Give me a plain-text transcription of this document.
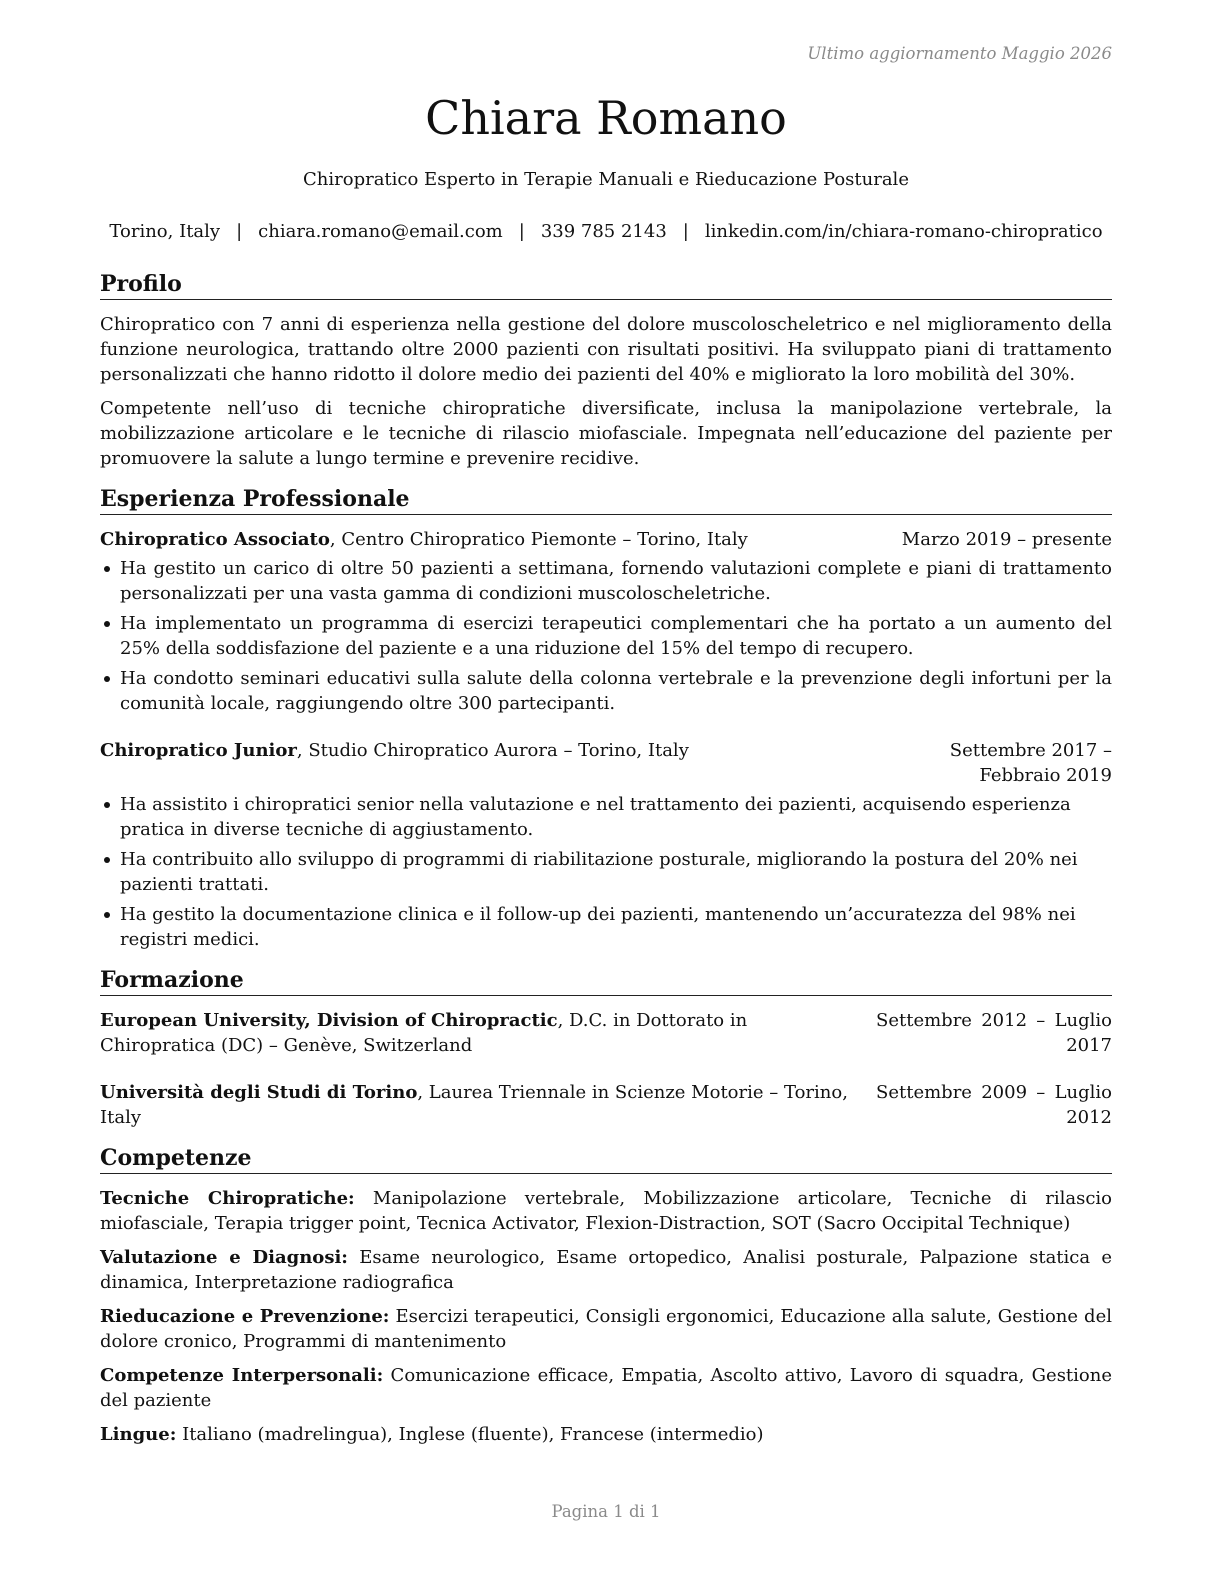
Ultimo aggiornamento Maggio 2026
Chiara Romano
Chiropratico Esperto in Terapie Manuali e Rieducazione Posturale
Torino, Italy | chiara.romano@email.com | 339 785 2143 | linkedin.com/in/chiara-romano-chiropratico
Profilo

Chiropratico con 7 anni di esperienza nella gestione del dolore muscoloscheletrico e nel miglioramento della funzione neurologica, trattando oltre 2000 pazienti con risultati positivi. Ha sviluppato piani di trattamento personalizzati che hanno ridotto il dolore medio dei pazienti del 40% e migliorato la loro mobilità del 30%.

Competente nell’uso di tecniche chiropratiche diversificate, inclusa la manipolazione vertebrale, la mobilizzazione articolare e le tecniche di rilascio miofasciale. Impegnata nell’educazione del paziente per promuovere la salute a lungo termine e prevenire recidive.

Esperienza Professionale
Chiropratico Associato, Centro Chiropratico Piemonte – Torino, Italy	Marzo 2019 – presente
Ha gestito un carico di oltre 50 pazienti a settimana, fornendo valutazioni complete e piani di trattamento personalizzati per una vasta gamma di condizioni muscoloscheletriche.
Ha implementato un programma di esercizi terapeutici complementari che ha portato a un aumento del 25% della soddisfazione del paziente e a una riduzione del 15% del tempo di recupero.
Ha condotto seminari educativi sulla salute della colonna vertebrale e la prevenzione degli infortuni per la comunità locale, raggiungendo oltre 300 partecipanti.
Chiropratico Junior, Studio Chiropratico Aurora – Torino, Italy	Settembre 2017 – Febbraio 2019
Ha assistito i chiropratici senior nella valutazione e nel trattamento dei pazienti, acquisendo esperienza pratica in diverse tecniche di aggiustamento.
Ha contribuito allo sviluppo di programmi di riabilitazione posturale, migliorando la postura del 20% nei pazienti trattati.
Ha gestito la documentazione clinica e il follow-up dei pazienti, mantenendo un’accuratezza del 98% nei registri medici.
Formazione
European University, Division of Chiropractic, D.C. in Dottorato in Chiropratica (DC) – Genève, Switzerland
Settembre 2012 – Luglio 2017
Università degli Studi di Torino, Laurea Triennale in Scienze Motorie – Torino, Italy
Settembre 2009 – Luglio 2012
Competenze
Tecniche Chiropratiche: Manipolazione vertebrale, Mobilizzazione articolare, Tecniche di rilascio miofasciale, Terapia trigger point, Tecnica Activator, Flexion-Distraction, SOT (Sacro Occipital Technique)
Valutazione e Diagnosi: Esame neurologico, Esame ortopedico, Analisi posturale, Palpazione statica e dinamica, Interpretazione radiografica
Rieducazione e Prevenzione: Esercizi terapeutici, Consigli ergonomici, Educazione alla salute, Gestione del dolore cronico, Programmi di mantenimento
Competenze Interpersonali: Comunicazione efficace, Empatia, Ascolto attivo, Lavoro di squadra, Gestione del paziente
Lingue: Italiano (madrelingua), Inglese (fluente), Francese (intermedio)
Pagina 1 di 1
